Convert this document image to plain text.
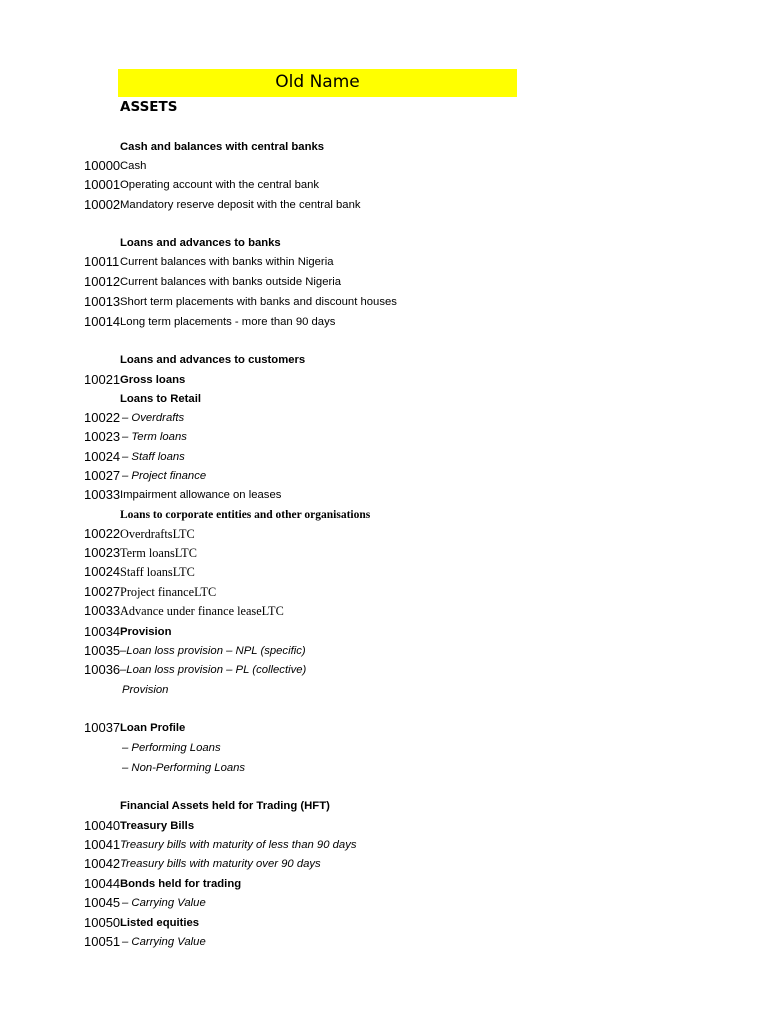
Old Name
ASSETS
Cash and balances with central banks
10000 Cash
10001 Operating account with the central bank
10002 Mandatory reserve deposit with the central bank
Loans and advances to banks
10011 Current balances with banks within Nigeria
10012 Current balances with banks outside Nigeria
10013 Short term placements with banks and discount houses
10014 Long term placements - more than 90 days
Loans and advances to customers
10021 Gross loans
Loans to Retail
10022 – Overdrafts
10023 – Term loans
10024 – Staff loans
10027 – Project finance
10033 Impairment allowance on leases
Loans to corporate entities and other organisations
10022 OverdraftsLTC
10023 Term loansLTC
10024 Staff loansLTC
10027 Project financeLTC
10033 Advance under finance leaseLTC
10034 Provision
10035 –Loan loss provision – NPL (specific)
10036 –Loan loss provision – PL (collective)
Provision
10037 Loan Profile
– Performing Loans
– Non-Performing Loans
Financial Assets held for Trading (HFT)
10040 Treasury Bills
10041 Treasury bills with maturity of less than 90 days
10042 Treasury bills with maturity over 90 days
10044 Bonds held for trading
10045 – Carrying Value
10050 Listed equities
10051 – Carrying Value
